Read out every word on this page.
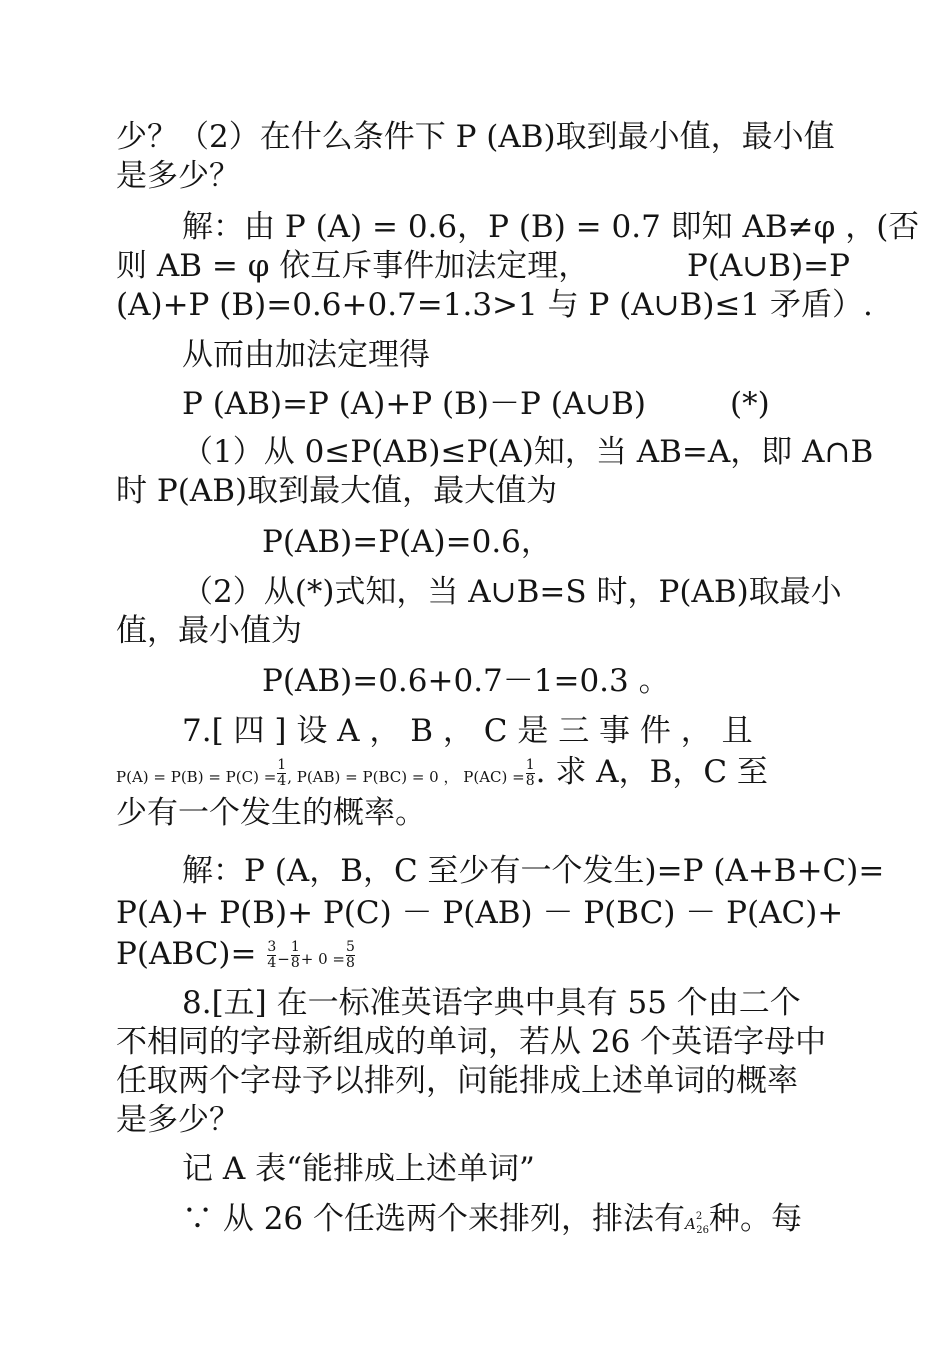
少？（2）在什么条件下 P (AB)取到最小值，最小值
是多少？
解：由 P (A) = 0.6，P (B) = 0.7 即知 AB≠φ ，(否
则 AB = φ 依互斥事件加法定理，	P(A∪B)=P
(A)+P (B)=0.6+0.7=1.3>1 与 P (A∪B)≤1 矛盾）.
从而由加法定理得
P (AB)=P (A)+P (B)－P (A∪B)	(*)
（1）从 0≤P(AB)≤P(A)知，当 AB=A，即 A∩B
时 P(AB)取到最大值，最大值为
P(AB)=P(A)=0.6，
（2）从(*)式知，当 A∪B=S 时，P(AB)取最小
值，最小值为
P(AB)=0.6+0.7－1=0.3 。
7.[ 四 ] 设 A ， B ， C 是 三 事 件 ， 且
$P(A) = P(B) = P(C) = \frac{1}{4}$ , P(AB) = P(BC) = 0 ， $P(AC) = \frac{1}{8}$ . 求 A，B，C 至
少有一个发生的概率。
解：P (A，B，C 至少有一个发生)=P (A+B+C)=
P(A)+ P(B)+ P(C) － P(AB) － P(BC) － P(AC)+
$P(ABC)= \frac{3}{4} - \frac{1}{8} + 0 = \frac{5}{8}$
8.[五] 在一标准英语字典中具有 55 个由二个
不相同的字母新组成的单词，若从 26 个英语字母中
任取两个字母予以排列，问能排成上述单词的概率
是多少？
记 A 表“能排成上述单词”
∵ 从 26 个任选两个来排列，排法有$A^2_{26}$种。每
